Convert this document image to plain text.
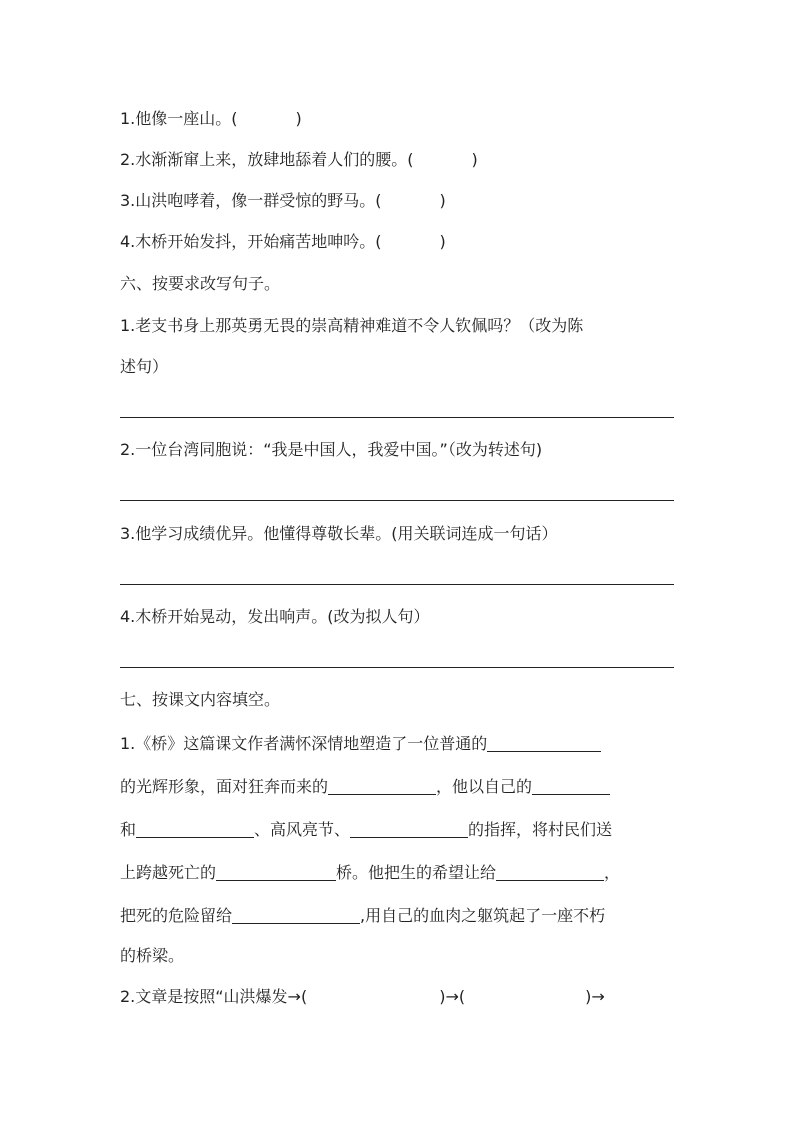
1.他像一座山。(	)
2.水渐渐窜上来，放肆地舔着人们的腰。(	)
3.山洪咆哮着，像一群受惊的野马。(	)
4.木桥开始发抖，开始痛苦地呻吟。(	)
六、按要求改写句子。
1.老支书身上那英勇无畏的崇高精神难道不令人钦佩吗？（改为陈
述句）
2.一位台湾同胞说：“我是中国人，我爱中国。”（改为转述句)
3.他学习成绩优异。他懂得尊敬长辈。(用关联词连成一句话）
4.木桥开始晃动，发出响声。(改为拟人句）
七、按课文内容填空。
1.《桥》这篇课文作者满怀深情地塑造了一位普通的
的光辉形象，面对狂奔而来的	，他以自己的
和	、高风亮节、	的指挥，将村民们送
上跨越死亡的	桥。他把生的希望让给	，
把死的危险留给	,用自己的血肉之躯筑起了一座不朽
的桥梁。
2.文章是按照“山洪爆发→(	)→(	)→
